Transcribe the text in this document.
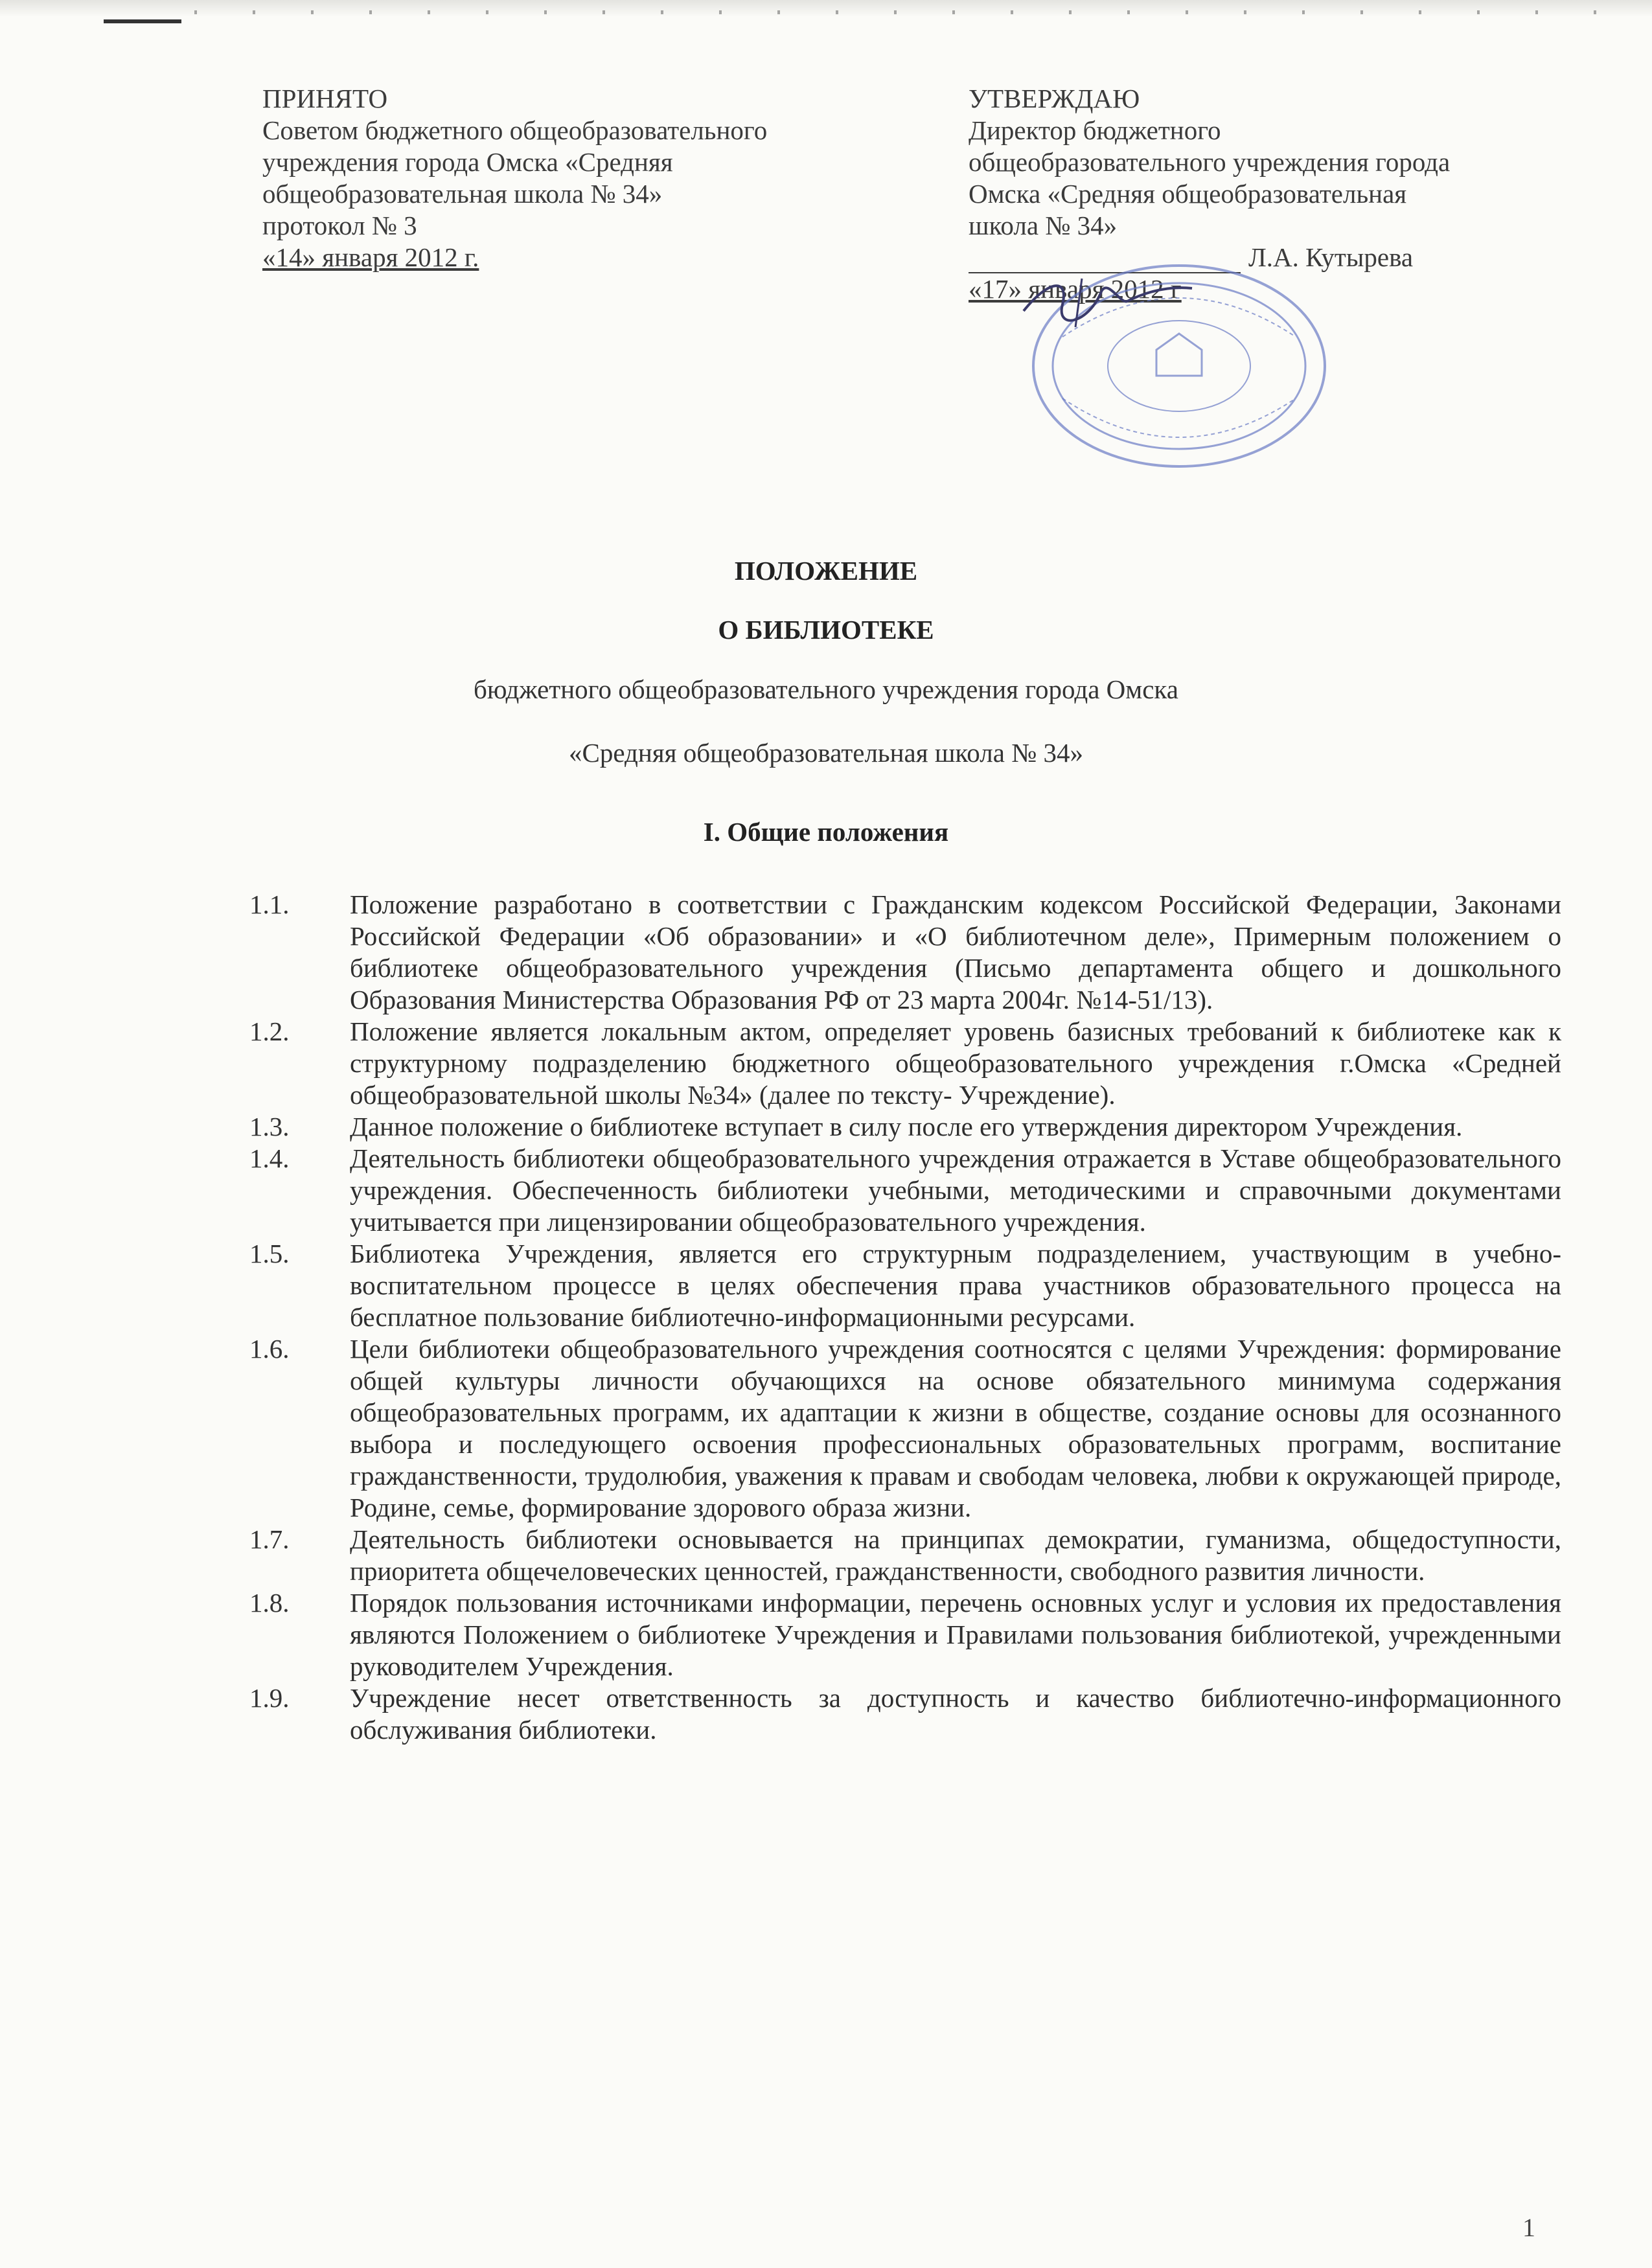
ПРИНЯТО
Советом бюджетного общеобразовательного
учреждения города Омска «Средняя
общеобразовательная школа № 34»
протокол № 3
«14» января 2012 г.
УТВЕРЖДАЮ
Директор бюджетного
общеобразовательного учреждения города
Омска «Средняя общеобразовательная
школа № 34»
Л.А. Кутырева
«17» января 2012 г
ПОЛОЖЕНИЕ
О БИБЛИОТЕКЕ
бюджетного общеобразовательного учреждения города Омска
«Средняя общеобразовательная школа № 34»
I. Общие положения
1.1.	Положение разработано в соответствии с Гражданским кодексом Российской Федерации, Законами Российской Федерации «Об образовании» и «О библиотечном деле», Примерным положением о библиотеке общеобразовательного учреждения (Письмо департамента общего и дошкольного Образования Министерства Образования РФ от 23 марта 2004г. №14-51/13).
1.2.	Положение является локальным актом, определяет уровень базисных требований к библиотеке как к структурному подразделению бюджетного общеобразовательного учреждения г.Омска «Средней общеобразовательной школы №34» (далее по тексту- Учреждение).
1.3.	Данное положение о библиотеке вступает в силу после его утверждения директором Учреждения.
1.4.	Деятельность библиотеки общеобразовательного учреждения отражается в Уставе общеобразовательного учреждения. Обеспеченность библиотеки учебными, методическими и справочными документами учитывается при лицензировании общеобразовательного учреждения.
1.5.	Библиотека Учреждения, является его структурным подразделением, участвующим в учебно-воспитательном процессе в целях обеспечения права участников образовательного процесса на бесплатное пользование библиотечно-информационными ресурсами.
1.6.	Цели библиотеки общеобразовательного учреждения соотносятся с целями Учреждения: формирование общей культуры личности обучающихся на основе обязательного минимума содержания общеобразовательных программ, их адаптации к жизни в обществе, создание основы для осознанного выбора и последующего освоения профессиональных образовательных программ, воспитание гражданственности, трудолюбия, уважения к правам и свободам человека, любви к окружающей природе, Родине, семье, формирование здорового образа жизни.
1.7.	Деятельность библиотеки основывается на принципах демократии, гуманизма, общедоступности, приоритета общечеловеческих ценностей, гражданственности, свободного развития личности.
1.8.	Порядок пользования источниками информации, перечень основных услуг и условия их предоставления являются Положением о библиотеке Учреждения и Правилами пользования библиотекой, учрежденными руководителем Учреждения.
1.9.	Учреждение несет ответственность за доступность и качество библиотечно-информационного обслуживания библиотеки.
1
